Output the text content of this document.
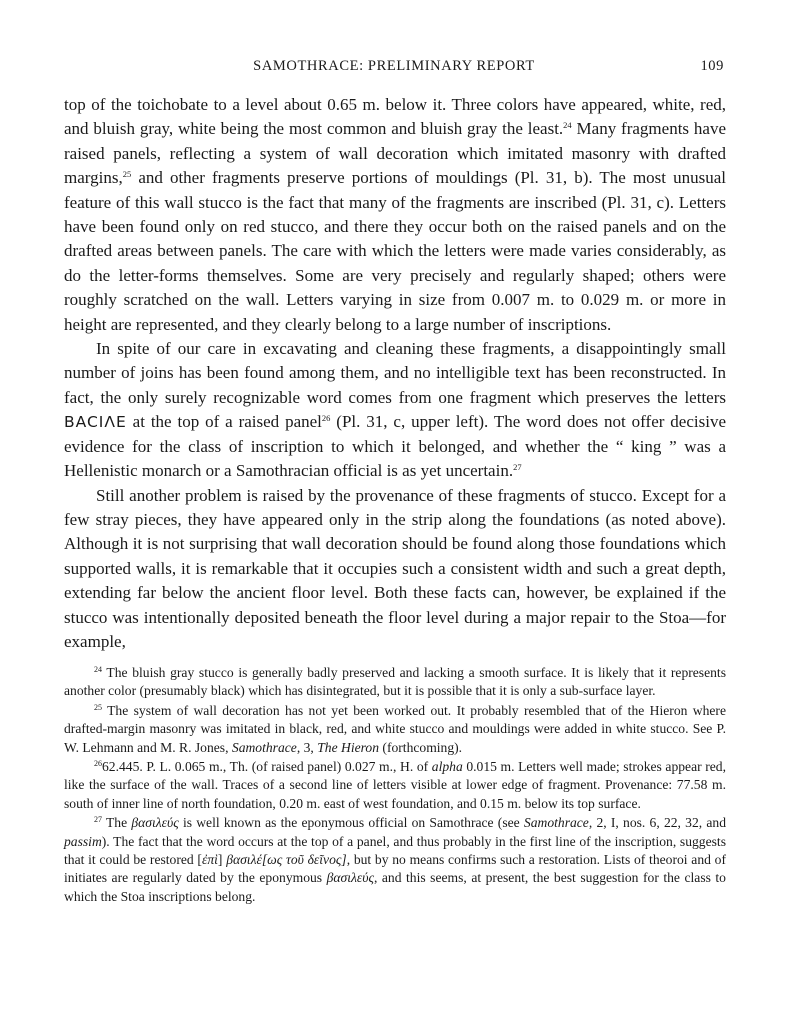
SAMOTHRACE: PRELIMINARY REPORT	109

top of the toichobate to a level about 0.65 m. below it. Three colors have appeared, white, red, and bluish gray, white being the most common and bluish gray the least.$^{24}$ Many fragments have raised panels, reflecting a system of wall decoration which imitated masonry with drafted margins,$^{25}$ and other fragments preserve portions of mouldings (Pl. 31, b). The most unusual feature of this wall stucco is the fact that many of the fragments are inscribed (Pl. 31, c). Letters have been found only on red stucco, and there they occur both on the raised panels and on the drafted areas between panels. The care with which the letters were made varies considerably, as do the letter-forms themselves. Some are very precisely and regularly shaped; others were roughly scratched on the wall. Letters varying in size from 0.007 m. to 0.029 m. or more in height are represented, and they clearly belong to a large number of inscriptions.

In spite of our care in excavating and cleaning these fragments, a disappointingly small number of joins has been found among them, and no intelligible text has been reconstructed. In fact, the only surely recognizable word comes from one fragment which preserves the letters BACIΛE at the top of a raised panel$^{26}$ (Pl. 31, c, upper left). The word does not offer decisive evidence for the class of inscription to which it belonged, and whether the “ king ” was a Hellenistic monarch or a Samothracian official is as yet uncertain.$^{27}$

Still another problem is raised by the provenance of these fragments of stucco. Except for a few stray pieces, they have appeared only in the strip along the foundations (as noted above). Although it is not surprising that wall decoration should be found along those foundations which supported walls, it is remarkable that it occupies such a consistent width and such a great depth, extending far below the ancient floor level. Both these facts can, however, be explained if the stucco was intentionally deposited beneath the floor level during a major repair to the Stoa—for example,

$^{24}$ The bluish gray stucco is generally badly preserved and lacking a smooth surface. It is likely that it represents another color (presumably black) which has disintegrated, but it is possible that it is only a sub-surface layer.

$^{25}$ The system of wall decoration has not yet been worked out. It probably resembled that of the Hieron where drafted-margin masonry was imitated in black, red, and white stucco and mouldings were added in white stucco. See P. W. Lehmann and M. R. Jones, Samothrace, 3, The Hieron (forthcoming).

$^{26}$62.445. P. L. 0.065 m., Th. (of raised panel) 0.027 m., H. of alpha 0.015 m. Letters well made; strokes appear red, like the surface of the wall. Traces of a second line of letters visible at lower edge of fragment. Provenance: 77.58 m. south of inner line of north foundation, 0.20 m. east of west foundation, and 0.15 m. below its top surface.

$^{27}$ The βασιλεύς is well known as the eponymous official on Samothrace (see Samothrace, 2, I, nos. 6, 22, 32, and passim). The fact that the word occurs at the top of a panel, and thus probably in the first line of the inscription, suggests that it could be restored [ἐπὶ] βασιλέ[ως τοῦ δεῖνος], but by no means confirms such a restoration. Lists of theoroi and of initiates are regularly dated by the eponymous βασιλεύς, and this seems, at present, the best suggestion for the class to which the Stoa inscriptions belong.
